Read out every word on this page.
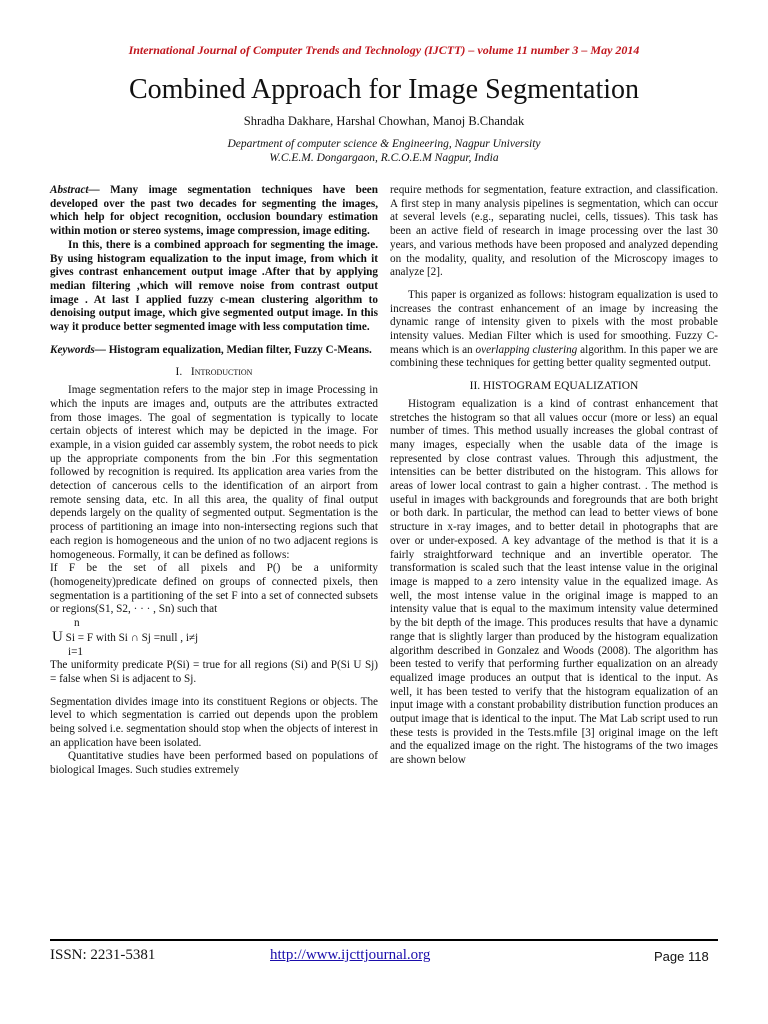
International Journal of Computer Trends and Technology (IJCTT) – volume 11 number 3 – May 2014
Combined Approach for Image Segmentation
Shradha Dakhare, Harshal Chowhan, Manoj B.Chandak
Department of computer science & Engineering, Nagpur University
W.C.E.M. Dongargaon, R.C.O.E.M Nagpur, India

Abstract— Many image segmentation techniques have been developed over the past two decades for segmenting the images, which help for object recognition, occlusion boundary estimation within motion or stereo systems, image compression, image editing.

In this, there is a combined approach for segmenting the image. By using histogram equalization to the input image, from which it gives contrast enhancement output image .After that by applying median filtering ,which will remove noise from contrast output image . At last I applied fuzzy c-mean clustering algorithm to denoising output image, which give segmented output image. In this way it produce better segmented image with less computation time.

Keywords— Histogram equalization, Median filter, Fuzzy C-Means.

I. Introduction

Image segmentation refers to the major step in image Processing in which the inputs are images and, outputs are the attributes extracted from those images. The goal of segmentation is typically to locate certain objects of interest which may be depicted in the image. For example, in a vision guided car assembly system, the robot needs to pick up the appropriate components from the bin .For this segmentation followed by recognition is required. Its application area varies from the detection of cancerous cells to the identification of an airport from remote sensing data, etc. In all this area, the quality of final output depends largely on the quality of segmented output. Segmentation is the process of partitioning an image into non-intersecting regions such that each region is homogeneous and the union of no two adjacent regions is homogeneous. Formally, it can be defined as follows:

If F be the set of all pixels and P() be a uniformity (homogeneity)predicate defined on groups of connected pixels, then segmentation is a partitioning of the set F into a set of connected subsets or regions(S1, S2, · · · , Sn) such that

n

U Si = F with Si ∩ Sj =null , i≠j

i=1

The uniformity predicate P(Si) = true for all regions (Si) and P(Si U Sj) = false when Si is adjacent to Sj.

Segmentation divides image into its constituent Regions or objects. The level to which segmentation is carried out depends upon the problem being solved i.e. segmentation should stop when the objects of interest in an application have been isolated.

Quantitative studies have been performed based on populations of biological Images. Such studies extremely

require methods for segmentation, feature extraction, and classification. A first step in many analysis pipelines is segmentation, which can occur at several levels (e.g., separating nuclei, cells, tissues). This task has been an active field of research in image processing over the last 30 years, and various methods have been proposed and analyzed depending on the modality, quality, and resolution of the Microscopy images to analyze [2].

This paper is organized as follows: histogram equalization is used to increases the contrast enhancement of an image by increasing the dynamic range of intensity given to pixels with the most probable intensity values. Median Filter which is used for smoothing. Fuzzy C-means which is an overlapping clustering algorithm. In this paper we are combining these techniques for getting better quality segmented output.

II. HISTOGRAM EQUALIZATION

Histogram equalization is a kind of contrast enhancement that stretches the histogram so that all values occur (more or less) an equal number of times. This method usually increases the global contrast of many images, especially when the usable data of the image is represented by close contrast values. Through this adjustment, the intensities can be better distributed on the histogram. This allows for areas of lower local contrast to gain a higher contrast. . The method is useful in images with backgrounds and foregrounds that are both bright or both dark. In particular, the method can lead to better views of bone structure in x-ray images, and to better detail in photographs that are over or under-exposed. A key advantage of the method is that it is a fairly straightforward technique and an invertible operator. The transformation is scaled such that the least intense value in the original image is mapped to a zero intensity value in the equalized image. As well, the most intense value in the original image is mapped to an intensity value that is equal to the maximum intensity value determined by the bit depth of the image. This produces results that have a dynamic range that is slightly larger than produced by the histogram equalization algorithm described in Gonzalez and Woods (2008). The algorithm has been tested to verify that performing further equalization on an already equalized image produces an output that is identical to the input. As well, it has been tested to verify that the histogram equalization of an input image with a constant probability distribution function produces an output image that is identical to the input. The Mat Lab script used to run these tests is provided in the Tests.mfile [3] original image on the left and the equalized image on the right. The histograms of the two images are shown below

ISSN: 2231-5381	http://www.ijcttjournal.org	Page 118
